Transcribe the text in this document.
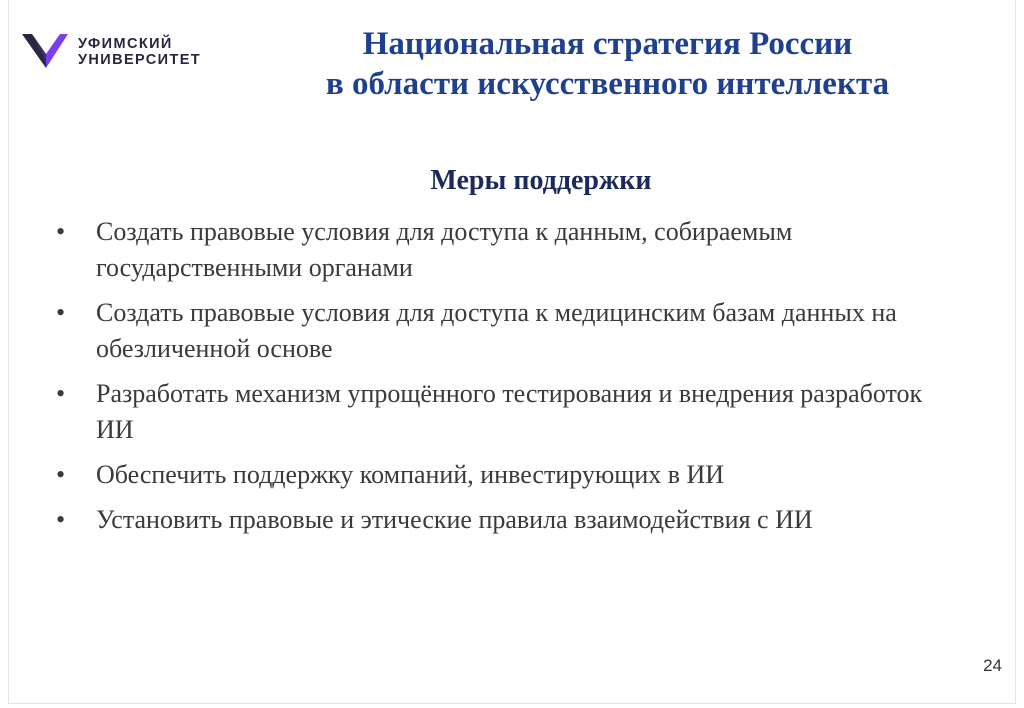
УФИМСКИЙ
УНИВЕРСИТЕТ	Национальная стратегия России
в области искусственного интеллекта
Меры поддержки
• Создать правовые условия для доступа к данным, собираемым государственными органами
• Создать правовые условия для доступа к медицинским базам данных на обезличенной основе
• Разработать механизм упрощённого тестирования и внедрения разработок ИИ
• Обеспечить поддержку компаний, инвестирующих в ИИ
• Установить правовые и этические правила взаимодействия с ИИ
24
